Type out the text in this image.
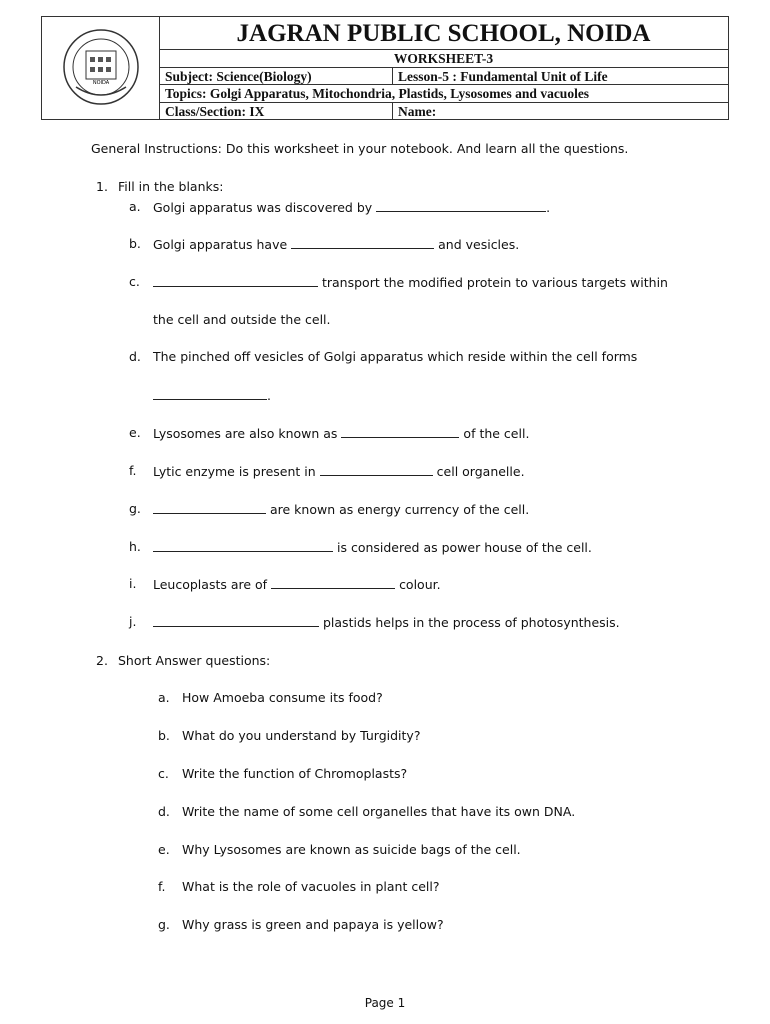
NOIDA
JAGRAN PUBLIC SCHOOL, NOIDA
WORKSHEET-3
Subject: Science(Biology)	Lesson-5 : Fundamental Unit of Life
Topics: Golgi Apparatus, Mitochondria, Plastids, Lysosomes and vacuoles
Class/Section: IX	Name:
General Instructions: Do this worksheet in your notebook. And learn all the questions.
1. Fill in the blanks:
a. Golgi apparatus was discovered by	.
b. Golgi apparatus have	and vesicles.
c.	transport the modified protein to various targets within
the cell and outside the cell.
d. The pinched off vesicles of Golgi apparatus which reside within the cell forms
.
e. Lysosomes are also known as	of the cell.
f. Lytic enzyme is present in	cell organelle.
g.	are known as energy currency of the cell.
h.	is considered as power house of the cell.
i. Leucoplasts are of	colour.
j.	plastids helps in the process of photosynthesis.
2. Short Answer questions:
a. How Amoeba consume its food?
b. What do you understand by Turgidity?
c. Write the function of Chromoplasts?
d. Write the name of some cell organelles that have its own DNA.
e. Why Lysosomes are known as suicide bags of the cell.
f. What is the role of vacuoles in plant cell?
g. Why grass is green and papaya is yellow?
Page 1
